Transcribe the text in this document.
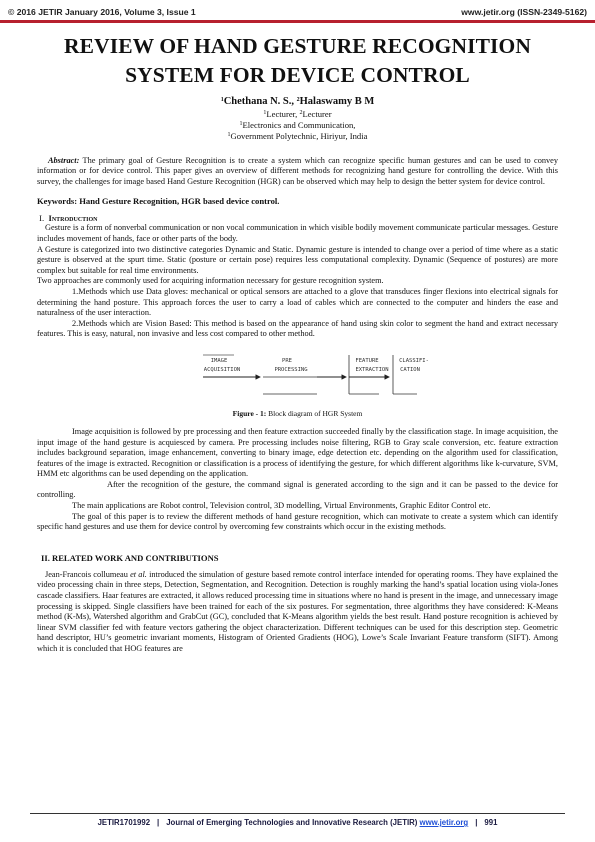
© 2016 JETIR January 2016, Volume 3, Issue 1	www.jetir.org (ISSN-2349-5162)
REVIEW OF HAND GESTURE RECOGNITION SYSTEM FOR DEVICE CONTROL
$^1$Chethana N. S., $^2$Halaswamy B M
$^1$Lecturer, $^2$Lecturer
$^1$Electronics and Communication,
$^1$Government Polytechnic, Hiriyur, India
Abstract: The primary goal of Gesture Recognition is to create a system which can recognize specific human gestures and can be used to convey information or for device control. This paper gives an overview of different methods for recognizing hand gesture for controlling the device. With this survey, the challenges for image based Hand Gesture Recognition (HGR) can be observed which may help to design the better system for device control.
Keywords: Hand Gesture Recognition, HGR based device control.
I. Introduction

Gesture is a form of nonverbal communication or non vocal communication in which visible bodily movement communicate particular messages. Gesture includes movement of hands, face or other parts of the body.

A Gesture is categorized into two distinctive categories Dynamic and Static. Dynamic gesture is intended to change over a period of time where as a static gesture is observed at the spurt time. Static (posture or certain pose) requires less computational complexity. Dynamic (Sequence of postures) are more complex but suitable for real time environments.

Two approaches are commonly used for acquiring information necessary for gesture recognition system.

1.Methods which use Data gloves: mechanical or optical sensors are attached to a glove that transduces finger flexions into electrical signals for determining the hand posture. This approach forces the user to carry a load of cables which are connected to the computer and hinders the ease and naturalness of the user interaction.

2.Methods which are Vision Based: This method is based on the appearance of hand using skin color to segment the hand and extract necessary features. This is easy, natural, non invasive and less cost compared to other method.

IMAGE
ACQUISITION
PRE
PROCESSING
FEATURE
EXTRACTION
CLASSIFI-
CATION
Figure - 1: Block diagram of HGR System

Image acquisition is followed by pre processing and then feature extraction succeeded finally by the classification stage. In image acquisition, the input image of the hand gesture is acquiesced by camera. Pre processing includes noise filtering, RGB to Gray scale conversion, etc. feature extraction includes background separation, image enhancement, converting to binary image, edge detection etc. depending on the algorithm used for classification, features of the image is extracted. Recognition or classification is a process of identifying the gesture, for which different algorithms like k-curvature, SVM, HMM etc algorithms can be used depending on the application.

After the recognition of the gesture, the command signal is generated according to the sign and it can be passed to the device for controlling.

The main applications are Robot control, Television control, 3D modelling, Virtual Environments, Graphic Editor Control etc.

The goal of this paper is to review the different methods of hand gesture recognition, which can motivate to create a system which can identify specific hand gestures and use them for device control by overcoming few constraints which occur in the existing methods.

II. RELATED WORK AND CONTRIBUTIONS

Jean-Francois collumeau et al. introduced the simulation of gesture based remote control interface intended for operating rooms. They have explained the video processing chain in three steps, Detection, Segmentation, and Recognition. Detection is roughly marking the hand’s spatial location using viola-Jones cascade classifiers. Haar features are extracted, it allows reduced processing time in situations where no hand is present in the image, and unnecessary image processing is skipped. Single classifiers have been trained for each of the six postures. For segmentation, three algorithms they have considered: K-Means method (K-Ms), Watershed algorithm and GrabCut (GC), concluded that K-Means algorithm yields the best result. Hand posture recognition is achieved by linear SVM classifier fed with feature vectors gathering the object characterization. Different techniques can be used for this description step. Geometric hand descriptor, HU’s geometric invariant moments, Histogram of Oriented Gradients (HOG), Lowe’s Scale Invariant Feature transform (SIFT). Among which it is concluded that HOG features are

JETIR1701992 | Journal of Emerging Technologies and Innovative Research (JETIR) www.jetir.org | 991
